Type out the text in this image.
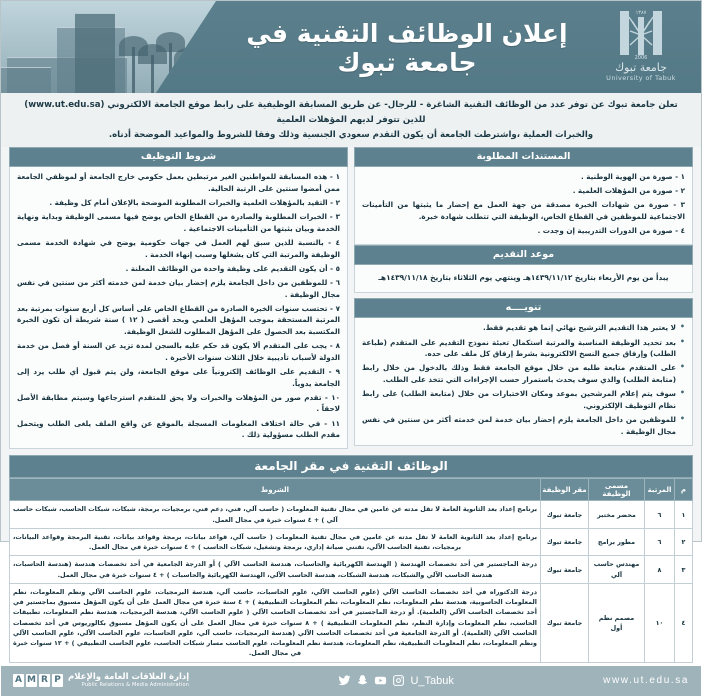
إعلان الوظائف التقنية في جامعة تبوك
١٣٨٧
2006
جامعة تبوك
University of Tabuk
تعلن جامعة تبوك عن توفر عدد من الوظائف التقنية الشاغرة - للرجال- عن طريق المسابقة الوظيفية على رابط موقع الجامعة الالكتروني (www.ut.edu.sa) للذين تتوفر لديهم المؤهلات العلمية
والخبرات العملية ،واشترطت الجامعة أن يكون التقدم سعودي الجنسية وذلك وفقا للشروط والمواعيد الموضحة أدناه.
المستندات المطلوبة
١ - صورة من الهوية الوطنية .
٢ - صورة من المؤهلات العلمية .
٣ - صورة من شهادات الخبرة مصدقة من جهة العمل مع إحضار ما يثبتها من التأمينات الاجتماعية للموظفين في القطاع الخاص، الوظيفة التي تتطلب شهادة خبرة.
٤ - صورة من الدورات التدريبية إن وجدت .
موعد التقديم
يبدأ من يوم الأربعاء بتاريخ ١٤٣٩/١١/١٢هـ وينتهي يوم الثلاثاء بتاريخ ١٤٣٩/١١/١٨هـ
تنويــــه
• لا يعتبر هذا التقديم الترشيح نهائي إنما هو تقديم فقط.
• بعد تحديد الوظيفة المناسبة والمرتبة استكمال تعبئة نموذج التقديم على المتقدم (طباعة الطلب) وإرفاق جميع النسخ الالكترونية بشرط إرفاق كل ملف على حده.
• على المتقدم متابعة طلبه من خلال موقع الجامعة فقط وذلك بالدخول من خلال رابط (متابعة الطلب) والذي سوف يحدث باستمرار حسب الإجراءات التي تتخذ على الطلب.
• سوف يتم إعلام المرشحين بموعد ومكان الاختبارات من خلال (متابعة الطلب) على رابط نظام التوظيف الإلكتروني.
• للموظفين من داخل الجامعة يلزم إحضار بيان خدمة لمن خدمته أكثر من سنتين في نفس مجال الوظيفة .
شروط التوظيف
١ - هذه المسابقة للمواطنين الغير مرتبطين بعمل حكومي خارج الجامعة أو لموظفي الجامعة ممن أمضوا سنتين على الرتبة الحالية.
٢ - التقيد بالمؤهلات العلمية والخبرات المطلوبة الموضحة بالإعلان أمام كل وظيفة .
٣ - الخبرات المطلوبة والصادرة من القطاع الخاص يوضح فيها مسمى الوظيفة وبداية ونهاية الخدمة وبيان بثبتها من التأمينات الاجتماعية .
٤ - بالنسبة للذين سبق لهم العمل في جهات حكومية يوضح في شهادة الخدمة مسمى الوظيفة والمرتبة التي كان يشغلها وسبب إنهاء الخدمة .
٥ - أن يكون التقديم على وظيفة واحدة من الوظائف المعلنة .
٦ - للموظفين من داخل الجامعة يلزم إحضار بيان خدمة لمن خدمته أكثر من سنتين في نفس مجال الوظيفة .
٧ - تحتسب سنوات الخبرة الصادرة من القطاع الخاص على أساس كل أربع سنوات بمرتبة بعد المرتبة المستحقة بموجب المؤهل العلمي وبحد أقصى ( ١٢ ) سنة شريطة أن تكون الخبرة المكتسبة بعد الحصول على المؤهل المطلوب للشغل الوظيفة.
٨ - يجب على المتقدم ألا يكون قد حكم عليه بالسجن لمدة تزيد عن السنة أو فصل من خدمة الدولة لأسباب تأديبية خلال الثلاث سنوات الأخيرة .
٩ - التقديم على الوظائف إلكترونياً على موقع الجامعة، ولن يتم قبول أي طلب يرد إلى الجامعة يدوياً.
١٠ - تقدم صور من المؤهلات والخبرات ولا يحق للمتقدم استرجاعها وسيتم مطابقة الأصل لاحقاً .
١١ - في حالة اختلاف المعلومات المسجلة بالموقع عن واقع الملف يلغى الطلب ويتحمل مقدم الطلب مسؤولية ذلك .
الوظائف التقنية في مقر الجامعة
م	المرتبة	مسمى الوظيفة	مقر الوظيفة	الشروط
١	٦	محضر مختبر	جامعة تبوك	برنامج إعداد بعد الثانوية العامة لا تقل مدته عن عامين في مجال تقنية المعلومات ( حاسب آلي، فني، دعم فني، برمجيات، برمجة، شبكات، شبكات الحاسب، شبكات حاسب آلي ) + ٤ سنوات خبرة في مجال العمل.
٢	٦	مطور برامج	جامعة تبوك	برنامج إعداد بعد الثانوية العامة لا تقل مدته عن عامين في مجال تقنية المعلومات ( حاسب آلي، قواعد بيانات، برمجة وقواعد بيانات، تقنية البرمجة وقواعد البيانات، برمجيات، تقنية الحاسب الآلي، تقنني صيانة إداري، برمجة وتشغيل، شبكات الحاسب ) + ٤ سنوات خبرة في مجال العمل.
٣	٨	مهندس حاسب آلي	جامعة تبوك	درجة الماجستير في أحد تخصصات الهندسة ( الهندسة الكهربائية والحاسبات، هندسة الحاسب الآلي ) أو الدرجة الجامعية في أحد تخصصات هندسة (هندسة الحاسبات، هندسة الحاسب الآلي والشبكات، هندسة الشبكات، هندسة الحاسب الآلي، الهندسة الكهربائية والحاسبات ) + ٤ سنوات خبرة في مجال العمل.
٤	١٠	مصمم نظم أول	جامعة تبوك	درجة الدكتوراه في أحد تخصصات الحاسب الآلي (علوم الحاسب الآلي، علوم الحاسبات، حاسب آلي، هندسة البرمجيات، علوم الحاسب الآلي ونظم المعلومات، نظم المعلومات الحاسوبية، هندسة نظم المعلومات، نظم المعلومات، نظم المعلومات التطبيقية ) + ٤ سنة خبرة في مجال العمل على أن يكون المؤهل مسبوق بماجستير في أحد تخصصات الحاسب الآلي (العلمية). أو درجة الماجستير في أحد تخصصات الحاسب الآلي ( علوم الحاسب الآلي، هندسة البرمجيات، هندسة نظم المعلومات، تطبيقات الحاسب، نظم المعلومات وإدارة النظم، نظم المعلومات التطبيقية ) + ٨ سنوات خبرة في مجال العمل على أن يكون المؤهل مسبوق بكالوريوس في أحد تخصصات الحاسب الآلي (العلمية). أو الدرجة الجامعية في أحد تخصصات الحاسب الآلي (هندسة البرمجيات، حاسب آلي، علوم الحاسبات، علوم الحاسب الآلي، علوم الحاسب الآلي ونظم المعلومات، نظم المعلومات التطبيقية، نظم المعلومات، هندسة نظم المعلومات، علوم الحاسب مسار شبكات الحاسب، علوم الحاسب التطبيقي ) + ١٢ سنوات خبرة في مجال العمل.
www.ut.edu.sa
U_Tabuk
إدارة العلاقات العامة والإعلام
Public Relations & Media Administration
P
R
M
A
